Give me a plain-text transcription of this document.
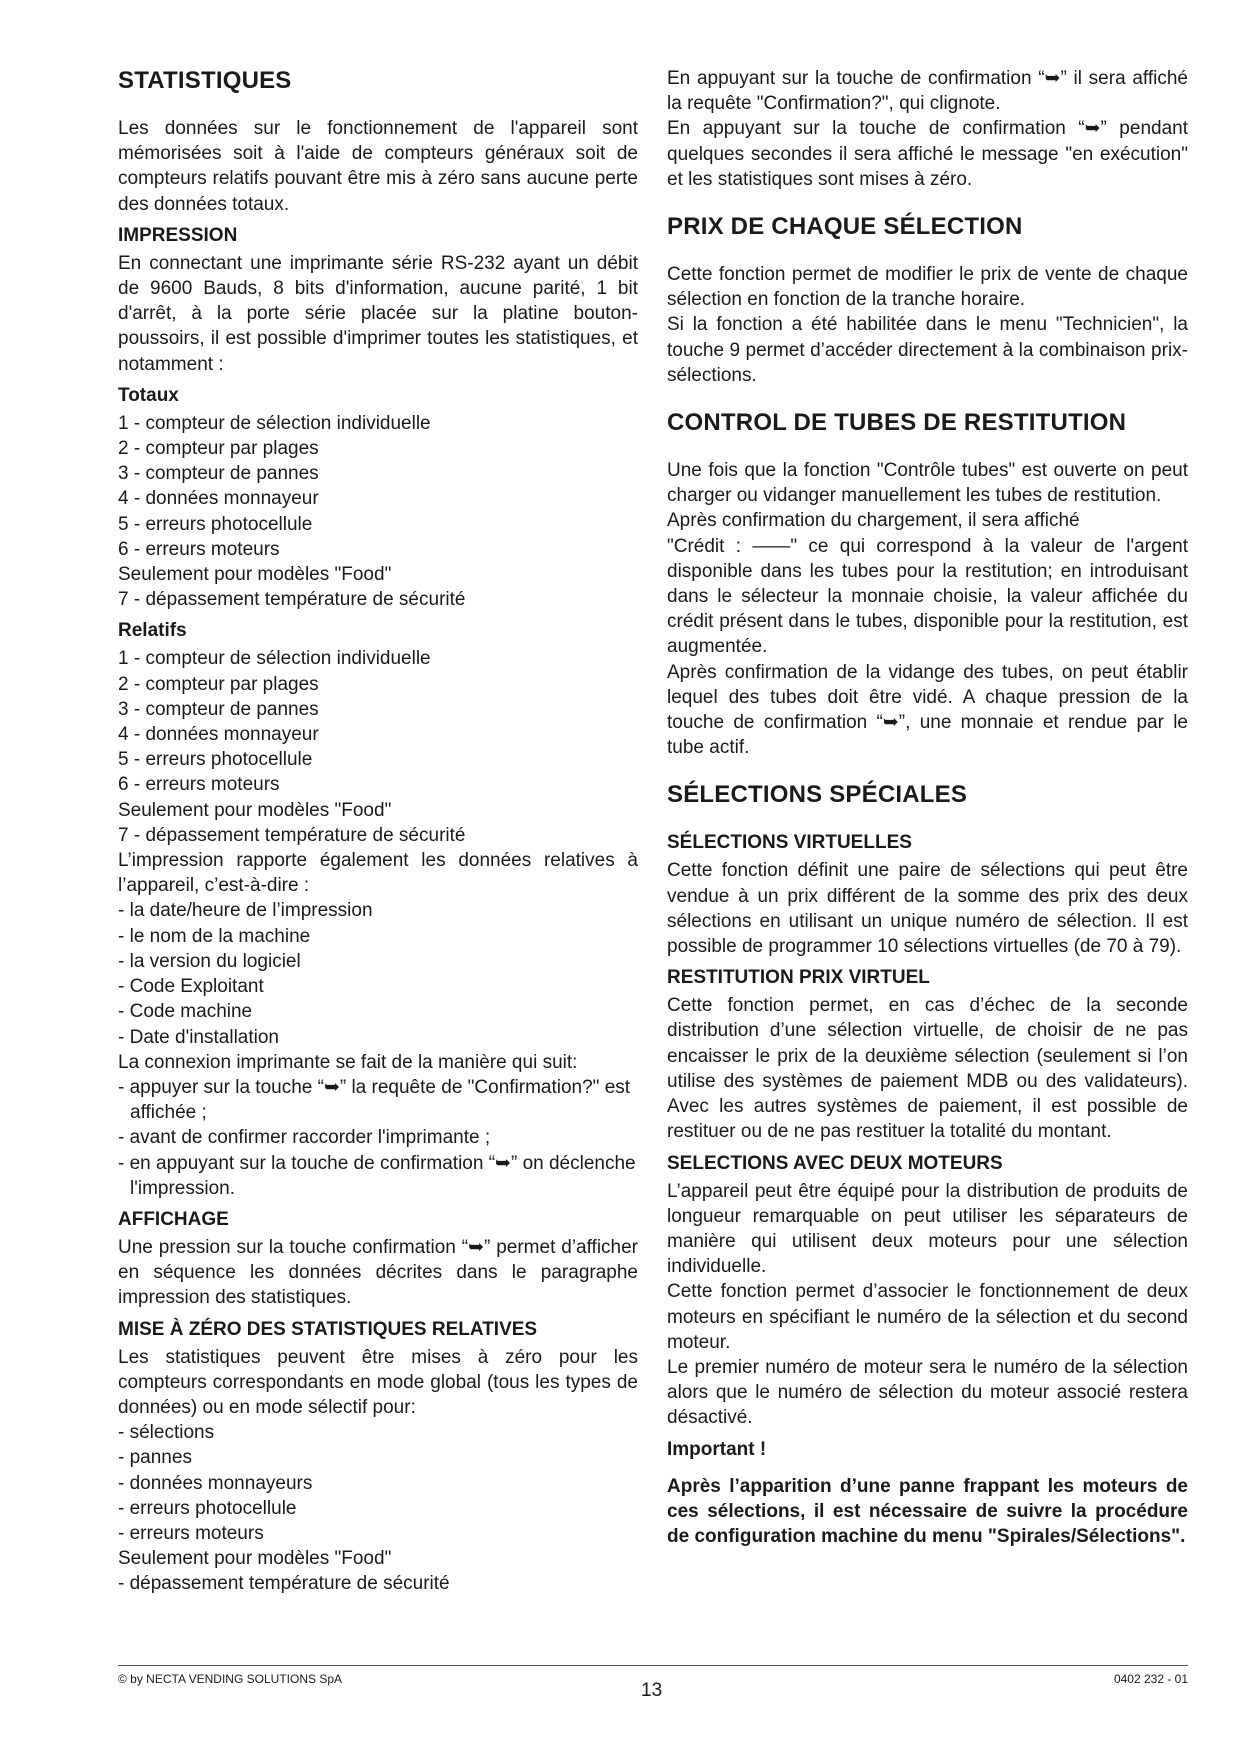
STATISTIQUES

Les données sur le fonctionnement de l'appareil sont mémorisées soit à l'aide de compteurs généraux soit de compteurs relatifs pouvant être mis à zéro sans aucune perte des données totaux.

IMPRESSION

En connectant une imprimante série RS-232 ayant un débit de 9600 Bauds, 8 bits d'information, aucune parité, 1 bit d'arrêt, à la porte série placée sur la platine bouton-poussoirs, il est possible d'imprimer toutes les statistiques, et notamment :

Totaux
1 - compteur de sélection individuelle
2 - compteur par plages
3 - compteur de pannes
4 - données monnayeur
5 - erreurs photocellule
6 - erreurs moteurs
Seulement pour modèles "Food"
7 - dépassement température de sécurité
Relatifs
1 - compteur de sélection individuelle
2 - compteur par plages
3 - compteur de pannes
4 - données monnayeur
5 - erreurs photocellule
6 - erreurs moteurs
Seulement pour modèles "Food"
7 - dépassement température de sécurité

L’impression rapporte également les données relatives à l’appareil, c’est-à-dire :

- la date/heure de l’impression
- le nom de la machine
- la version du logiciel
- Code Exploitant
- Code machine
- Date d'installation
La connexion imprimante se fait de la manière qui suit:
- appuyer sur la touche “➥” la requête de "Confirmation?" est affichée ;
- avant de confirmer raccorder l'imprimante ;
- en appuyant sur la touche de confirmation “➥” on déclenche l'impression.
AFFICHAGE

Une pression sur la touche confirmation “➥” permet d’afficher en séquence les données décrites dans le paragraphe impression des statistiques.

MISE À ZÉRO DES STATISTIQUES RELATIVES

Les statistiques peuvent être mises à zéro pour les compteurs correspondants en mode global (tous les types de données) ou en mode sélectif pour:

- sélections
- pannes
- données monnayeurs
- erreurs photocellule
- erreurs moteurs
Seulement pour modèles "Food"
- dépassement température de sécurité

En appuyant sur la touche de confirmation “➥” il sera affiché la requête "Confirmation?", qui clignote.

En appuyant sur la touche de confirmation “➥” pendant quelques secondes il sera affiché le message "en exécution" et les statistiques sont mises à zéro.

PRIX DE CHAQUE SÉLECTION

Cette fonction permet de modifier le prix de vente de chaque sélection en fonction de la tranche horaire.

Si la fonction a été habilitée dans le menu "Technicien", la touche 9 permet d’accéder directement à la combinaison prix-sélections.

CONTROL DE TUBES DE RESTITUTION

Une fois que la fonction "Contrôle tubes" est ouverte on peut charger ou vidanger manuellement les tubes de restitution.

Après confirmation du chargement, il sera affiché

"Crédit : ——" ce qui correspond à la valeur de l'argent disponible dans les tubes pour la restitution; en introduisant dans le sélecteur la monnaie choisie, la valeur affichée du crédit présent dans le tubes, disponible pour la restitution, est augmentée.

Après confirmation de la vidange des tubes, on peut établir lequel des tubes doit être vidé. A chaque pression de la touche de confirmation “➥”, une monnaie et rendue par le tube actif.

SÉLECTIONS SPÉCIALES
SÉLECTIONS VIRTUELLES

Cette fonction définit une paire de sélections qui peut être vendue à un prix différent de la somme des prix des deux sélections en utilisant un unique numéro de sélection. Il est possible de programmer 10 sélections virtuelles (de 70 à 79).

RESTITUTION PRIX VIRTUEL

Cette fonction permet, en cas d’échec de la seconde distribution d’une sélection virtuelle, de choisir de ne pas encaisser le prix de la deuxième sélection (seulement si l’on utilise des systèmes de paiement MDB ou des validateurs). Avec les autres systèmes de paiement, il est possible de restituer ou de ne pas restituer la totalité du montant.

SELECTIONS AVEC DEUX MOTEURS

L’appareil peut être équipé pour la distribution de produits de longueur remarquable on peut utiliser les séparateurs de manière qui utilisent deux moteurs pour une sélection individuelle.

Cette fonction permet d’associer le fonctionnement de deux moteurs en spécifiant le numéro de la sélection et du second moteur.

Le premier numéro de moteur sera le numéro de la sélection alors que le numéro de sélection du moteur associé restera désactivé.

Important !

Après l’apparition d’une panne frappant les moteurs de ces sélections, il est nécessaire de suivre la procédure de configuration machine du menu "Spirales/Sélections".

© by NECTA VENDING SOLUTIONS SpA
13
0402 232 - 01
